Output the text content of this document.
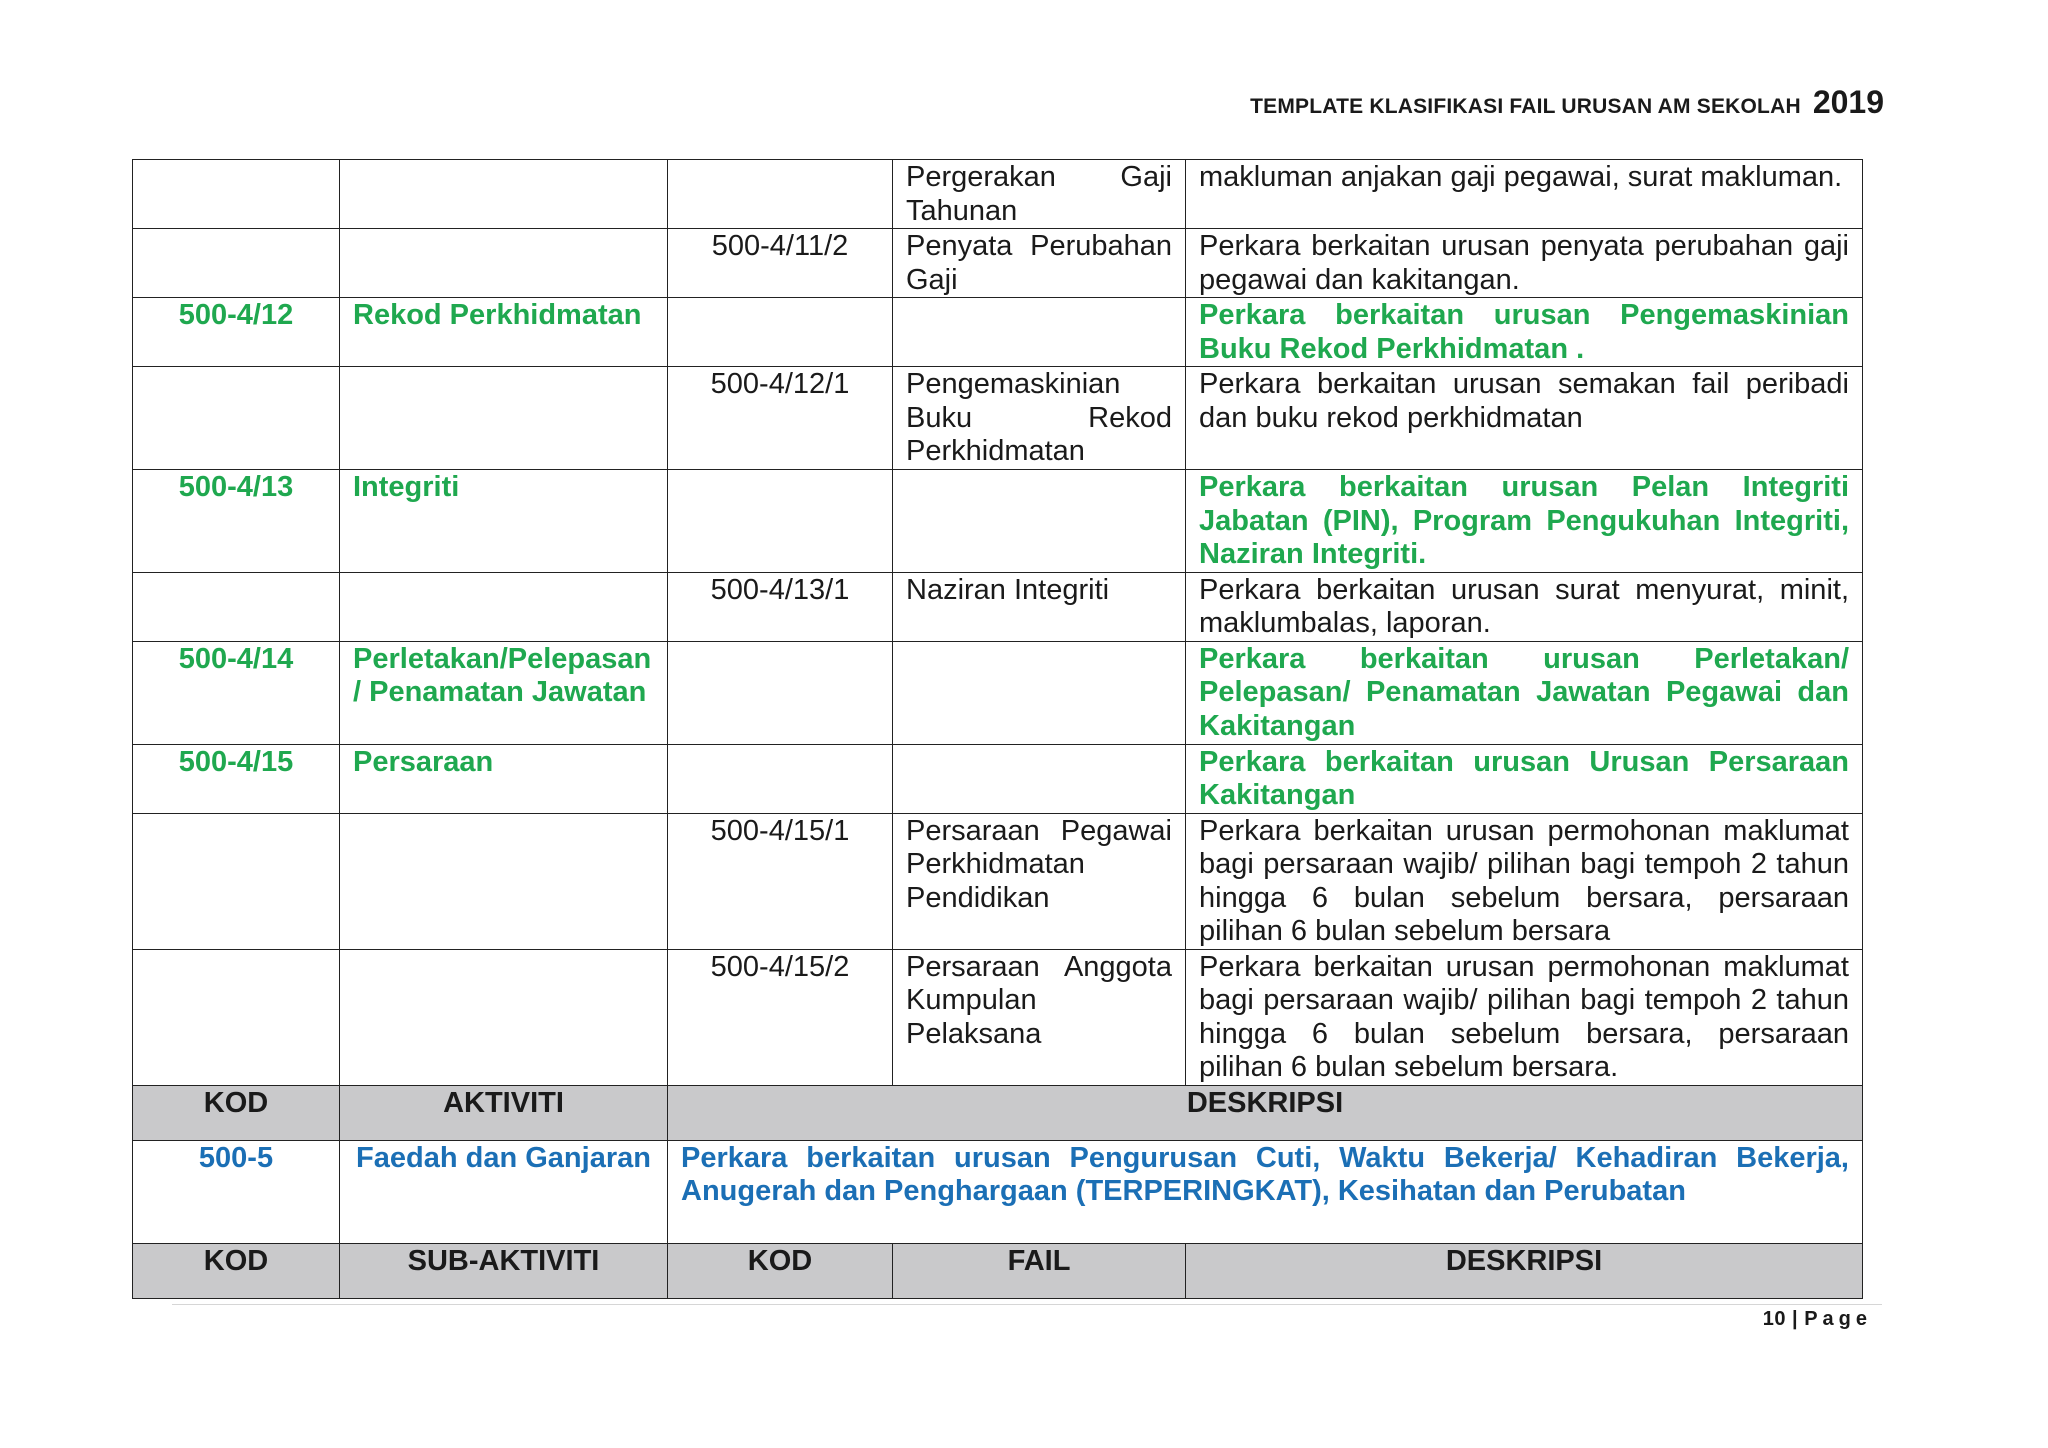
TEMPLATE KLASIFIKASI FAIL URUSAN AM SEKOLAH 2019
			Pergerakan Gaji Tahunan	makluman anjakan gaji pegawai, surat makluman.
		500-4/11/2	Penyata Perubahan Gaji	Perkara berkaitan urusan penyata perubahan gaji pegawai dan kakitangan.
500-4/12	Rekod Perkhidmatan			Perkara berkaitan urusan Pengemaskinian Buku Rekod Perkhidmatan .
		500-4/12/1	Pengemaskinian Buku Rekod Perkhidmatan	Perkara berkaitan urusan semakan fail peribadi dan buku rekod perkhidmatan
500-4/13	Integriti			Perkara berkaitan urusan Pelan Integriti Jabatan (PIN), Program Pengukuhan Integriti, Naziran Integriti.
		500-4/13/1	Naziran Integriti	Perkara berkaitan urusan surat menyurat, minit, maklumbalas, laporan.
500-4/14	Perletakan/Pelepasan / Penamatan Jawatan			Perkara berkaitan urusan Perletakan/ Pelepasan/ Penamatan Jawatan Pegawai dan Kakitangan
500-4/15	Persaraan			Perkara berkaitan urusan Urusan Persaraan Kakitangan
		500-4/15/1	Persaraan Pegawai Perkhidmatan Pendidikan	Perkara berkaitan urusan permohonan maklumat bagi persaraan wajib/ pilihan bagi tempoh 2 tahun hingga 6 bulan sebelum bersara, persaraan pilihan 6 bulan sebelum bersara
		500-4/15/2	Persaraan Anggota Kumpulan Pelaksana	Perkara berkaitan urusan permohonan maklumat bagi persaraan wajib/ pilihan bagi tempoh 2 tahun hingga 6 bulan sebelum bersara, persaraan pilihan 6 bulan sebelum bersara.
KOD	AKTIVITI	DESKRIPSI		
500-5	Faedah dan Ganjaran	Perkara berkaitan urusan Pengurusan Cuti, Waktu Bekerja/ Kehadiran Bekerja, Anugerah dan Penghargaan (TERPERINGKAT), Kesihatan dan Perubatan		
KOD	SUB-AKTIVITI	KOD	FAIL	DESKRIPSI
10 | Page
